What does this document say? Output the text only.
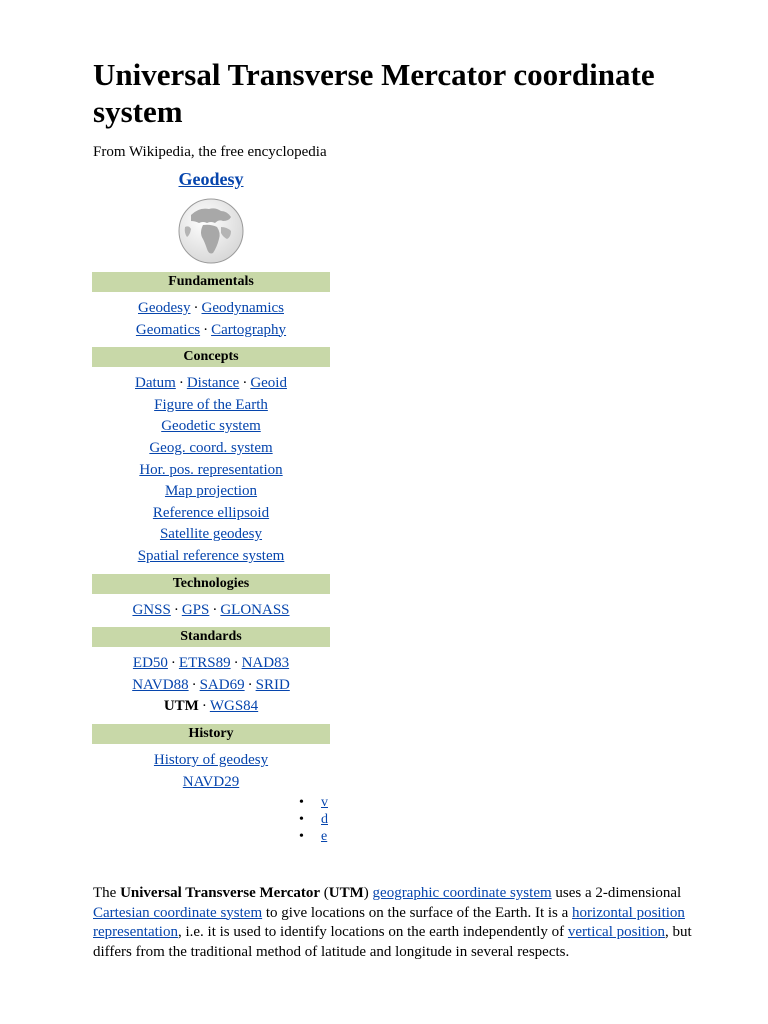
Universal Transverse Mercator coordinate system
From Wikipedia, the free encyclopedia
Geodesy
Fundamentals
Geodesy · Geodynamics
Geomatics · Cartography
Concepts
Datum · Distance · Geoid
Figure of the Earth
Geodetic system
Geog. coord. system
Hor. pos. representation
Map projection
Reference ellipsoid
Satellite geodesy
Spatial reference system
Technologies
GNSS · GPS · GLONASS
Standards
ED50 · ETRS89 · NAD83
NAVD88 · SAD69 · SRID
UTM · WGS84
History
History of geodesy
NAVD29
• v
• d
• e

The Universal Transverse Mercator (UTM) geographic coordinate system uses a 2-dimensional Cartesian coordinate system to give locations on the surface of the Earth. It is a horizontal position representation, i.e. it is used to identify locations on the earth independently of vertical position, but differs from the traditional method of latitude and longitude in several respects.
